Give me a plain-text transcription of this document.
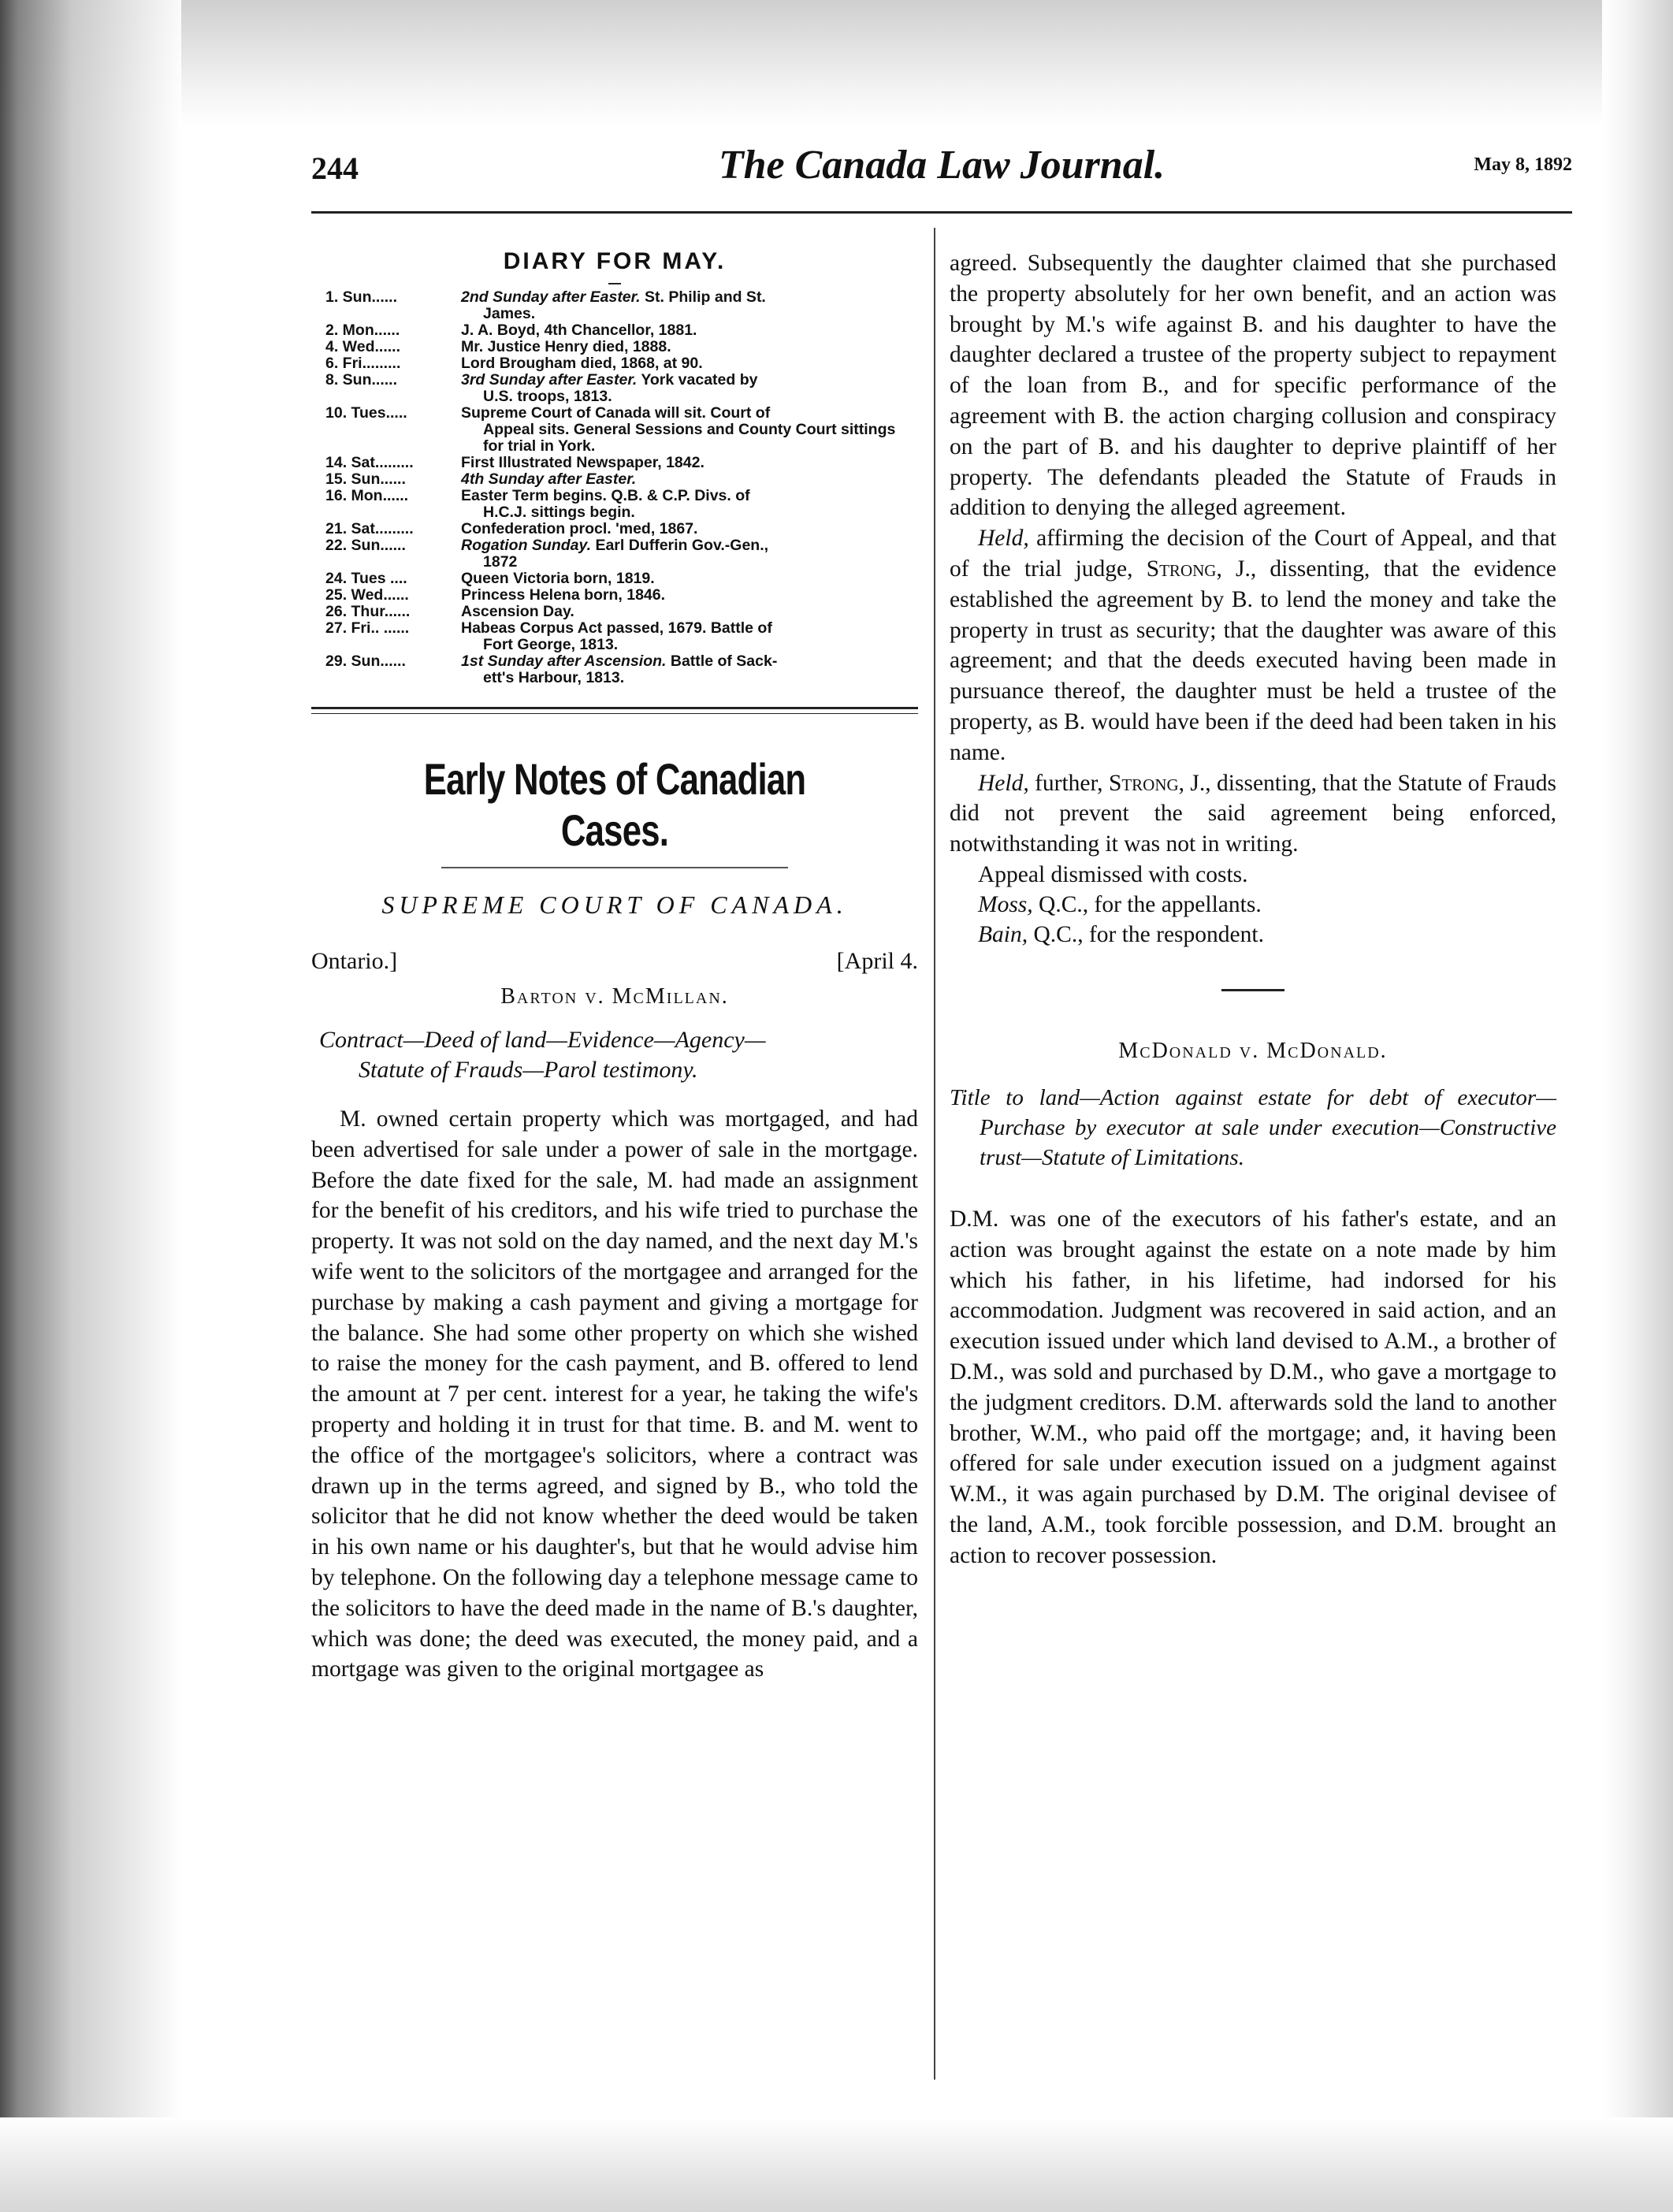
244	The Canada Law Journal.	May 8, 1892
DIARY FOR MAY.
1. Sun......	2nd Sunday after Easter. St. Philip and St.
James.
2. Mon......	J. A. Boyd, 4th Chancellor, 1881.
4. Wed......	Mr. Justice Henry died, 1888.
6. Fri.........	Lord Brougham died, 1868, at 90.
8. Sun......	3rd Sunday after Easter. York vacated by
U.S. troops, 1813.
10. Tues.....	Supreme Court of Canada will sit. Court of
Appeal sits. General Sessions and County Court sittings for trial in York.
14. Sat.........	First Illustrated Newspaper, 1842.
15. Sun......	4th Sunday after Easter.
16. Mon......	Easter Term begins. Q.B. & C.P. Divs. of
H.C.J. sittings begin.
21. Sat.........	Confederation procl. 'med, 1867.
22. Sun......	Rogation Sunday. Earl Dufferin Gov.-Gen.,
1872
24. Tues ....	Queen Victoria born, 1819.
25. Wed......	Princess Helena born, 1846.
26. Thur......	Ascension Day.
27. Fri.. ......	Habeas Corpus Act passed, 1679. Battle of
Fort George, 1813.
29. Sun......	1st Sunday after Ascension. Battle of Sack-
ett's Harbour, 1813.
Early Notes of Canadian Cases.
SUPREME COURT OF CANADA.
Ontario.]	[April 4.
Barton v. McMillan.
Contract—Deed of land—Evidence—Agency—
Statute of Frauds—Parol testimony.

M. owned certain property which was mortgaged, and had been advertised for sale under a power of sale in the mortgage. Before the date fixed for the sale, M. had made an assignment for the benefit of his creditors, and his wife tried to purchase the property. It was not sold on the day named, and the next day M.'s wife went to the solicitors of the mortgagee and arranged for the purchase by making a cash payment and giving a mortgage for the balance. She had some other property on which she wished to raise the money for the cash payment, and B. offered to lend the amount at 7 per cent. interest for a year, he taking the wife's property and holding it in trust for that time. B. and M. went to the office of the mortgagee's solicitors, where a contract was drawn up in the terms agreed, and signed by B., who told the solicitor that he did not know whether the deed would be taken in his own name or his daughter's, but that he would advise him by telephone. On the following day a telephone message came to the solicitors to have the deed made in the name of B.'s daughter, which was done; the deed was executed, the money paid, and a mortgage was given to the original mortgagee as

agreed. Subsequently the daughter claimed that she purchased the property absolutely for her own benefit, and an action was brought by M.'s wife against B. and his daughter to have the daughter declared a trustee of the property subject to repayment of the loan from B., and for specific performance of the agreement with B. the action charging collusion and conspiracy on the part of B. and his daughter to deprive plaintiff of her property. The defendants pleaded the Statute of Frauds in addition to denying the alleged agreement.

Held, affirming the decision of the Court of Appeal, and that of the trial judge, Strong, J., dissenting, that the evidence established the agreement by B. to lend the money and take the property in trust as security; that the daughter was aware of this agreement; and that the deeds executed having been made in pursuance thereof, the daughter must be held a trustee of the property, as B. would have been if the deed had been taken in his name.

Held, further, Strong, J., dissenting, that the Statute of Frauds did not prevent the said agreement being enforced, notwithstanding it was not in writing.

Appeal dismissed with costs.

Moss, Q.C., for the appellants.

Bain, Q.C., for the respondent.

McDonald v. McDonald.
Title to land—Action against estate for debt of executor—Purchase by executor at sale under execution—Constructive trust—Statute of Limitations.

D.M. was one of the executors of his father's estate, and an action was brought against the estate on a note made by him which his father, in his lifetime, had indorsed for his accommodation. Judgment was recovered in said action, and an execution issued under which land devised to A.M., a brother of D.M., was sold and purchased by D.M., who gave a mortgage to the judgment creditors. D.M. afterwards sold the land to another brother, W.M., who paid off the mortgage; and, it having been offered for sale under execution issued on a judgment against W.M., it was again purchased by D.M. The original devisee of the land, A.M., took forcible possession, and D.M. brought an action to recover possession.
